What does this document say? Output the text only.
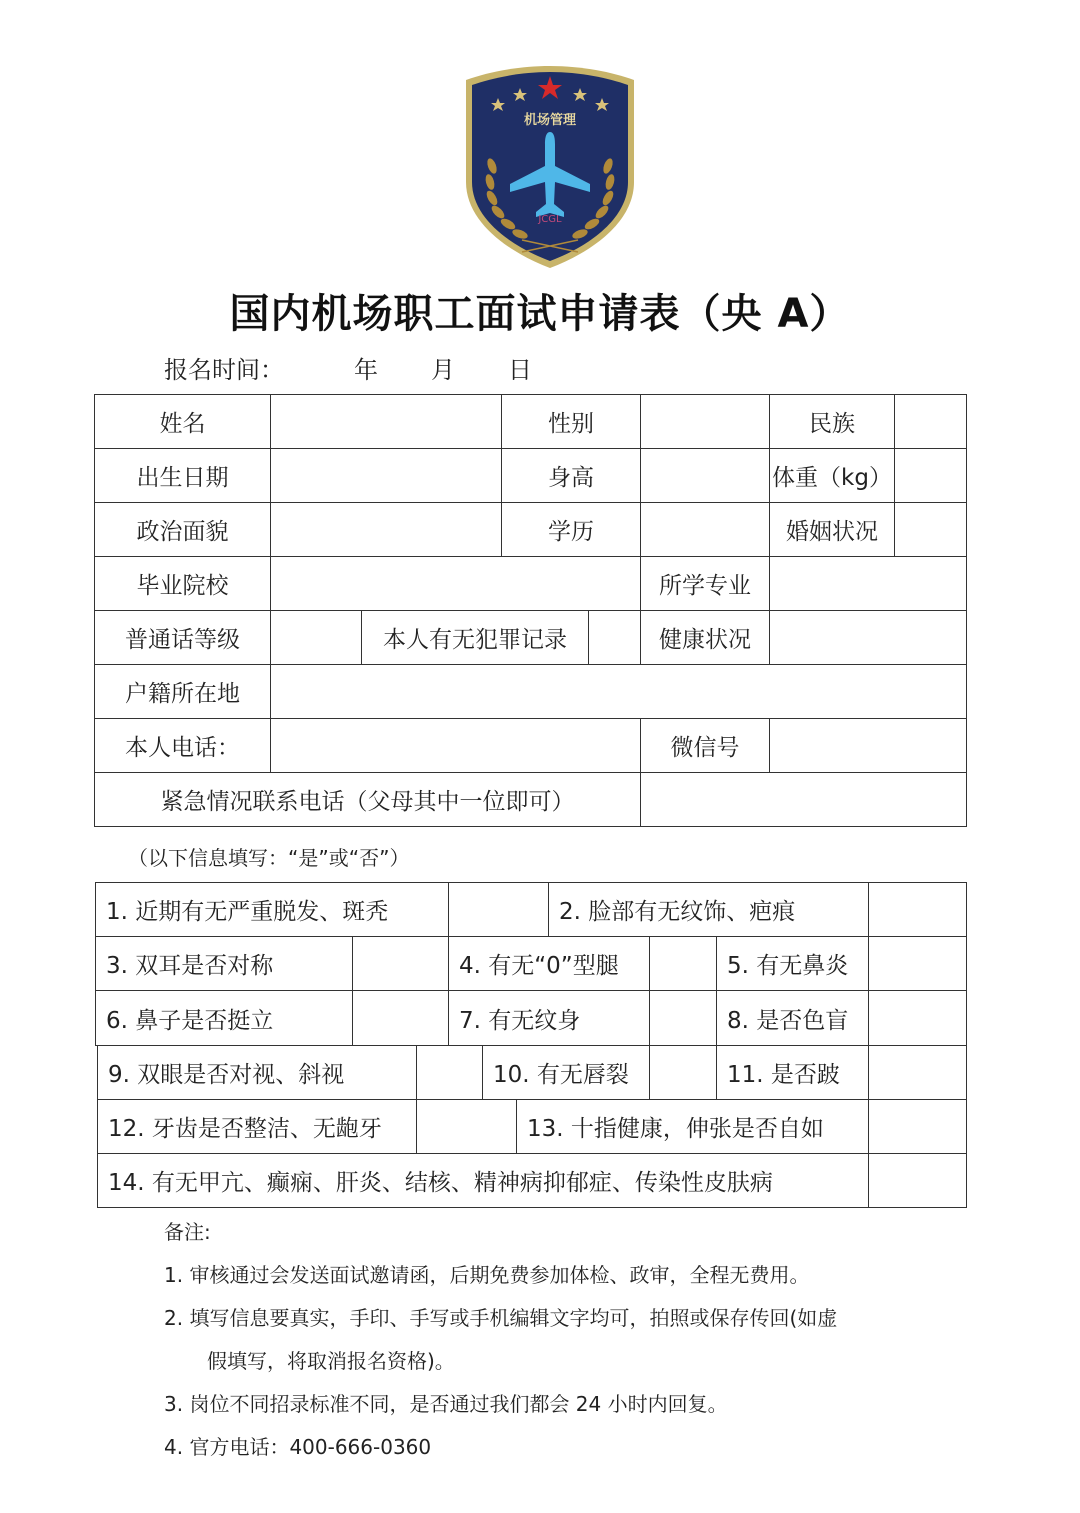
机场管理
JCGL
国内机场职工面试申请表（央 A）
报名时间：	年 月 日
姓名	性别	民族
出生日期	身高	体重（kg）
政治面貌	学历	婚姻状况
毕业院校	所学专业
普通话等级	本人有无犯罪记录	健康状况
户籍所在地
本人电话：	微信号
紧急情况联系电话（父母其中一位即可）
（以下信息填写：“是”或“否”）
1. 近期有无严重脱发、斑秃	2. 脸部有无纹饰、疤痕
3. 双耳是否对称	4. 有无“0”型腿	5. 有无鼻炎
6. 鼻子是否挺立	7. 有无纹身	8. 是否色盲
9. 双眼是否对视、斜视	10. 有无唇裂	11. 是否跛
12. 牙齿是否整洁、无龅牙	13. 十指健康，伸张是否自如
14. 有无甲亢、癫痫、肝炎、结核、精神病抑郁症、传染性皮肤病
备注:
1. 审核通过会发送面试邀请函，后期免费参加体检、政审，全程无费用。
2. 填写信息要真实，手印、手写或手机编辑文字均可，拍照或保存传回(如虚
假填写，将取消报名资格)。
3. 岗位不同招录标准不同，是否通过我们都会 24 小时内回复。
4. 官方电话：400-666-0360
